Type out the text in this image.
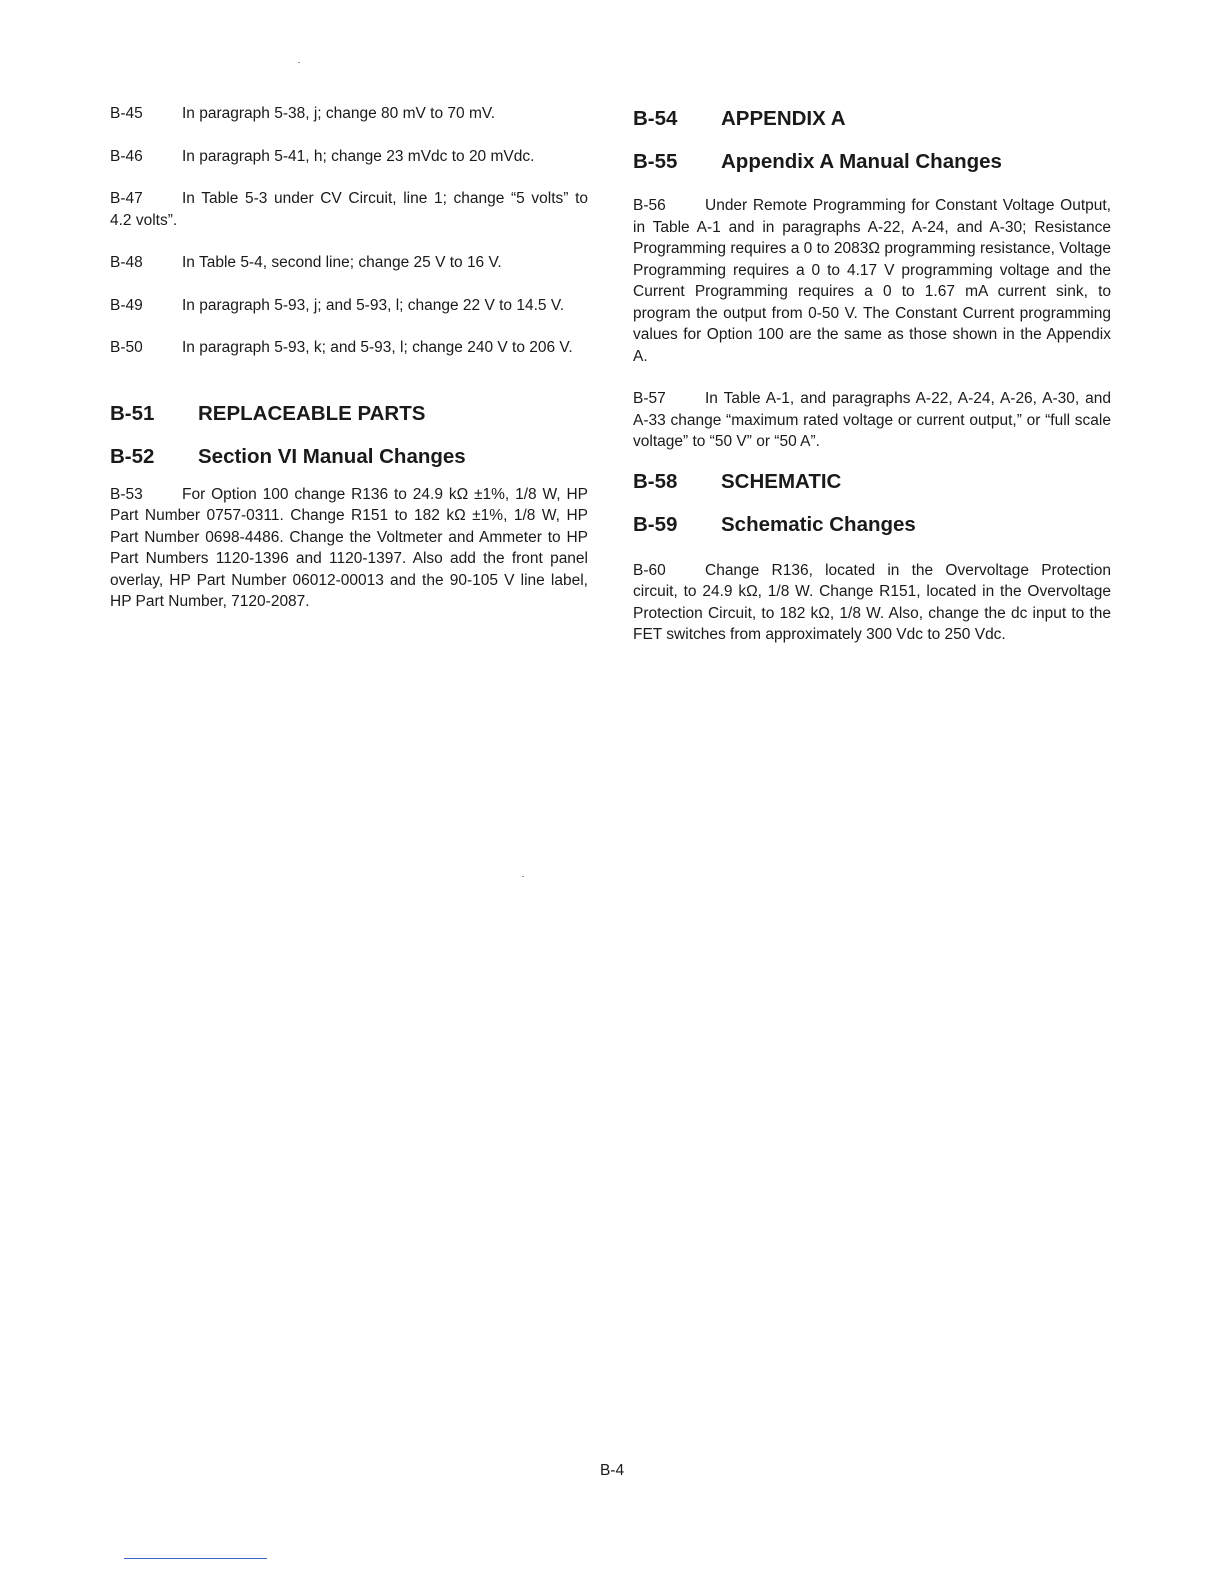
B-45	In paragraph 5-38, j; change 80 mV to 70 mV.

B-46	In paragraph 5-41, h; change 23 mVdc to 20 mVdc.

B-47	In Table 5-3 under CV Circuit, line 1; change “5 volts” to 4.2 volts”.

B-48	In Table 5-4, second line; change 25 V to 16 V.

B-49	In paragraph 5-93, j; and 5-93, l; change 22 V to 14.5 V.

B-50	In paragraph 5-93, k; and 5-93, l; change 240 V to 206 V.

B-51 REPLACEABLE PARTS
B-52 Section VI Manual Changes

B-53	For Option 100 change R136 to 24.9 kΩ ±1%, 1/8 W, HP Part Number 0757-0311. Change R151 to 182 kΩ ±1%, 1/8 W, HP Part Number 0698-4486. Change the Voltmeter and Ammeter to HP Part Numbers 1120-1396 and 1120-1397. Also add the front panel overlay, HP Part Number 06012-00013 and the 90-105 V line label, HP Part Number, 7120-2087.

B-54 APPENDIX A
B-55 Appendix A Manual Changes

B-56	Under Remote Programming for Constant Voltage Output, in Table A-1 and in paragraphs A-22, A-24, and A-30; Resistance Programming requires a 0 to 2083Ω programming resistance, Voltage Programming requires a 0 to 4.17 V programming voltage and the Current Programming requires a 0 to 1.67 mA current sink, to program the output from 0-50 V. The Constant Current programming values for Option 100 are the same as those shown in the Appendix A.

B-57	In Table A-1, and paragraphs A-22, A-24, A-26, A-30, and A-33 change “maximum rated voltage or current output,” or “full scale voltage” to “50 V” or “50 A”.

B-58 SCHEMATIC
B-59 Schematic Changes

B-60	Change R136, located in the Overvoltage Protection circuit, to 24.9 kΩ, 1/8 W. Change R151, located in the Overvoltage Protection Circuit, to 182 kΩ, 1/8 W. Also, change the dc input to the FET switches from approximately 300 Vdc to 250 Vdc.

B-4
